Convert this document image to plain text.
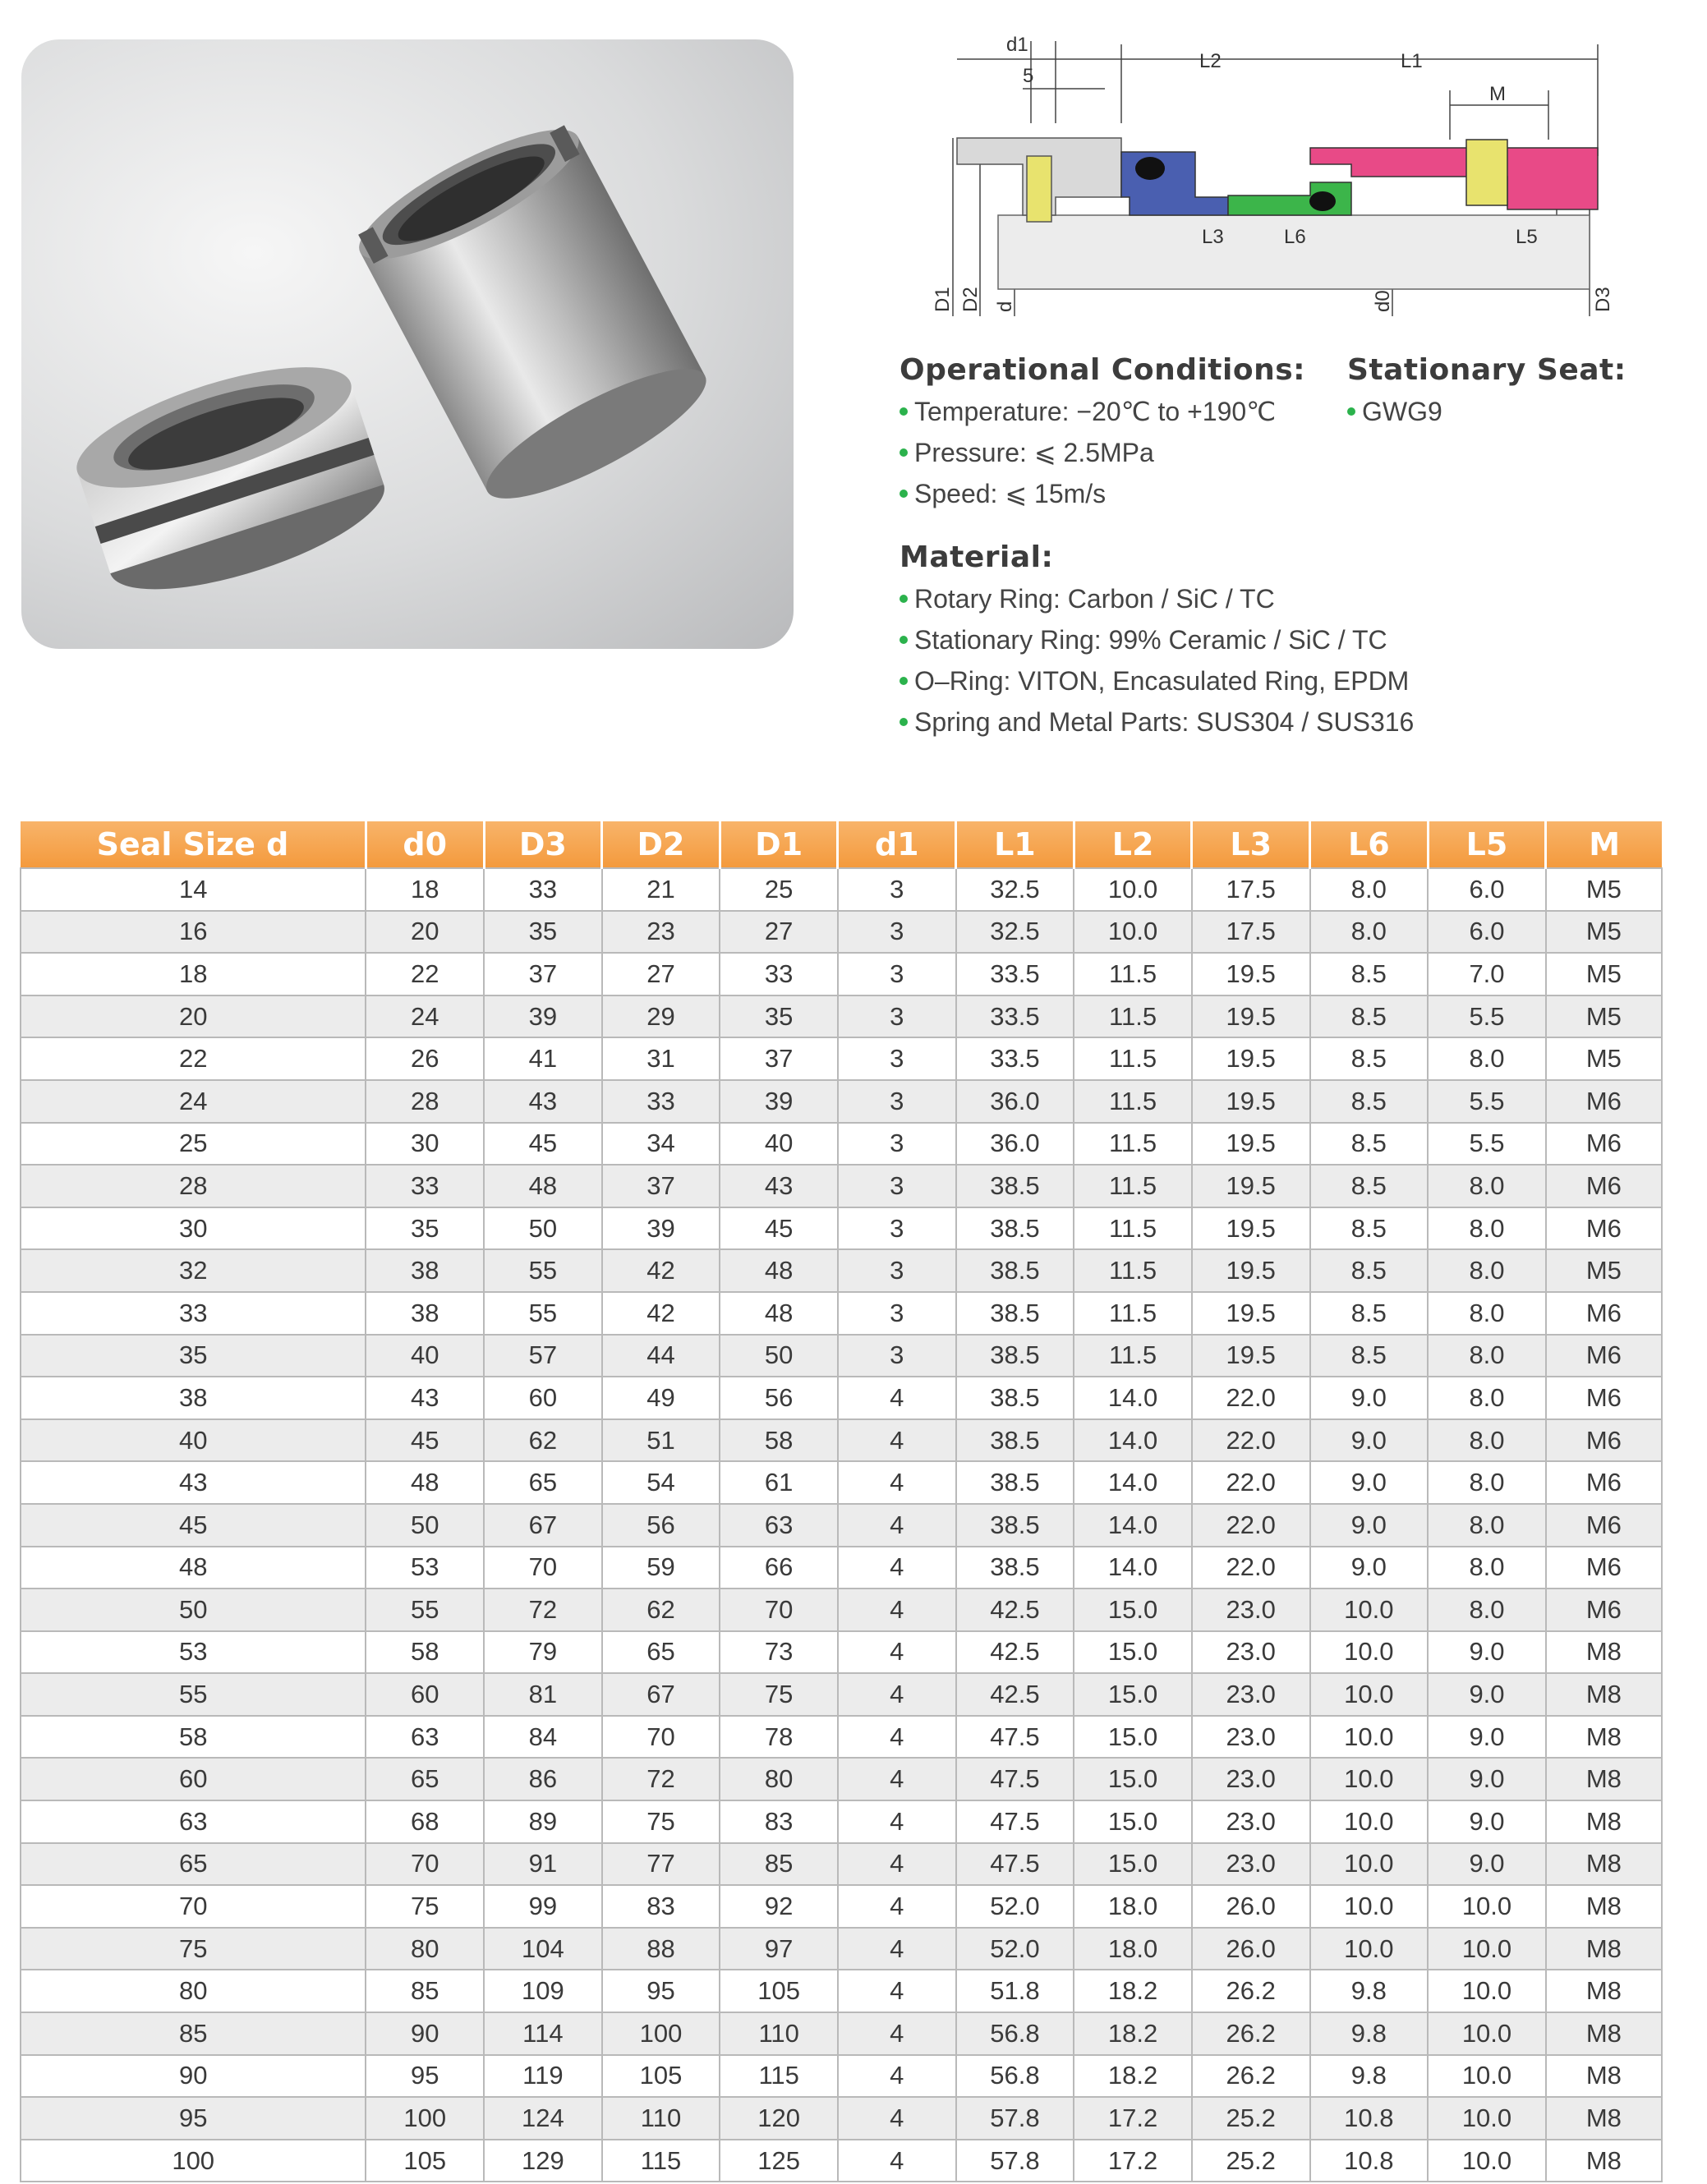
d1
5
L2	L1
M
L3	L6	L5
D1 D2 d	d0	D3
Operational Conditions:
Temperature: −20℃ to +190℃
Pressure: ⩽ 2.5MPa
Speed: ⩽ 15m/s
Stationary Seat:
GWG9
Material:
Rotary Ring: Carbon / SiC / TC
Stationary Ring: 99% Ceramic / SiC / TC
O–Ring: VITON, Encasulated Ring, EPDM
Spring and Metal Parts: SUS304 / SUS316
Seal Size d	d0	D3	D2	D1	d1	L1	L2	L3	L6	L5	M
14	18	33	21	25	3	32.5	10.0	17.5	8.0	6.0	M5
16	20	35	23	27	3	32.5	10.0	17.5	8.0	6.0	M5
18	22	37	27	33	3	33.5	11.5	19.5	8.5	7.0	M5
20	24	39	29	35	3	33.5	11.5	19.5	8.5	5.5	M5
22	26	41	31	37	3	33.5	11.5	19.5	8.5	8.0	M5
24	28	43	33	39	3	36.0	11.5	19.5	8.5	5.5	M6
25	30	45	34	40	3	36.0	11.5	19.5	8.5	5.5	M6
28	33	48	37	43	3	38.5	11.5	19.5	8.5	8.0	M6
30	35	50	39	45	3	38.5	11.5	19.5	8.5	8.0	M6
32	38	55	42	48	3	38.5	11.5	19.5	8.5	8.0	M5
33	38	55	42	48	3	38.5	11.5	19.5	8.5	8.0	M6
35	40	57	44	50	3	38.5	11.5	19.5	8.5	8.0	M6
38	43	60	49	56	4	38.5	14.0	22.0	9.0	8.0	M6
40	45	62	51	58	4	38.5	14.0	22.0	9.0	8.0	M6
43	48	65	54	61	4	38.5	14.0	22.0	9.0	8.0	M6
45	50	67	56	63	4	38.5	14.0	22.0	9.0	8.0	M6
48	53	70	59	66	4	38.5	14.0	22.0	9.0	8.0	M6
50	55	72	62	70	4	42.5	15.0	23.0	10.0	8.0	M6
53	58	79	65	73	4	42.5	15.0	23.0	10.0	9.0	M8
55	60	81	67	75	4	42.5	15.0	23.0	10.0	9.0	M8
58	63	84	70	78	4	47.5	15.0	23.0	10.0	9.0	M8
60	65	86	72	80	4	47.5	15.0	23.0	10.0	9.0	M8
63	68	89	75	83	4	47.5	15.0	23.0	10.0	9.0	M8
65	70	91	77	85	4	47.5	15.0	23.0	10.0	9.0	M8
70	75	99	83	92	4	52.0	18.0	26.0	10.0	10.0	M8
75	80	104	88	97	4	52.0	18.0	26.0	10.0	10.0	M8
80	85	109	95	105	4	51.8	18.2	26.2	9.8	10.0	M8
85	90	114	100	110	4	56.8	18.2	26.2	9.8	10.0	M8
90	95	119	105	115	4	56.8	18.2	26.2	9.8	10.0	M8
95	100	124	110	120	4	57.8	17.2	25.2	10.8	10.0	M8
100	105	129	115	125	4	57.8	17.2	25.2	10.8	10.0	M8
